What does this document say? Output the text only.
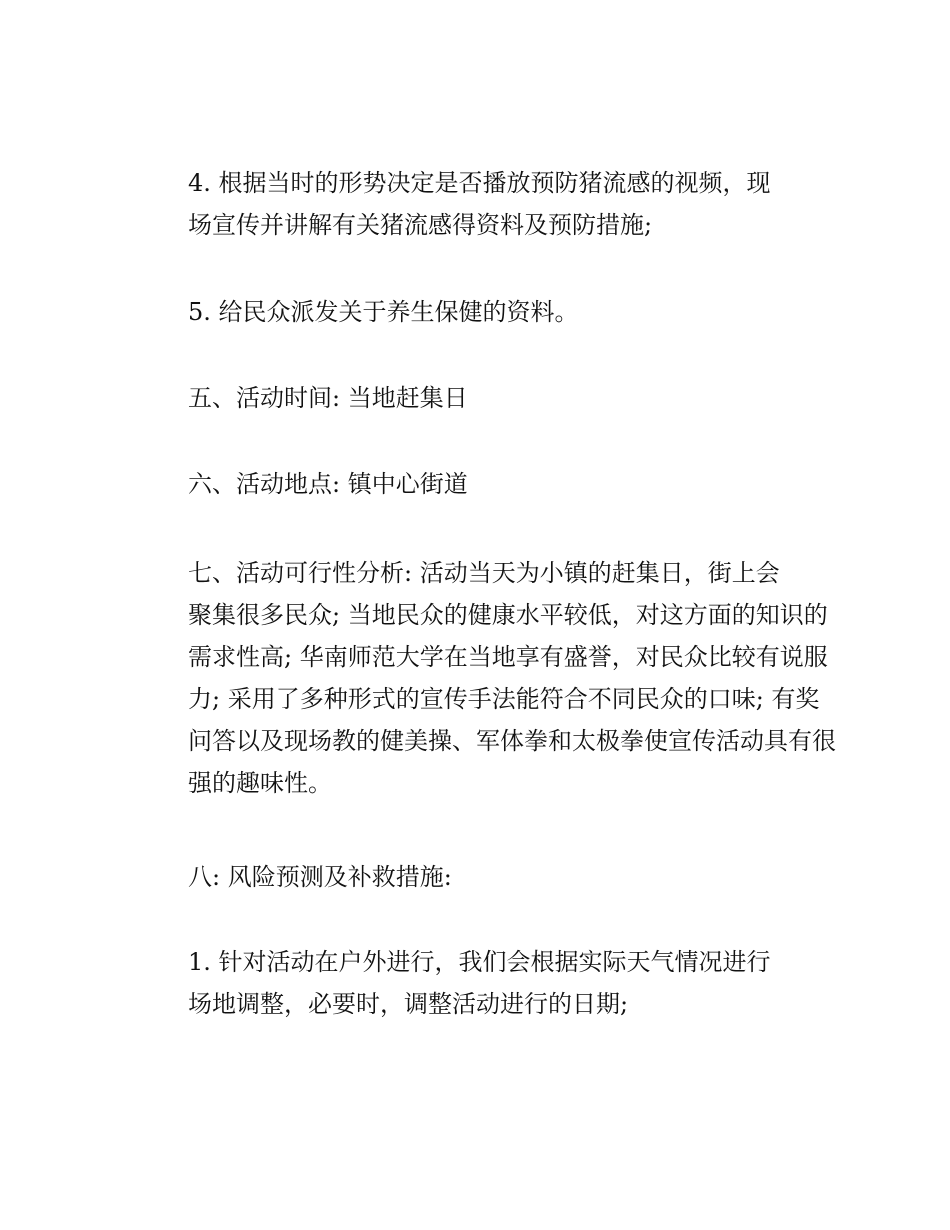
4. 根据当时的形势决定是否播放预防猪流感的视频，现
场宣传并讲解有关猪流感得资料及预防措施;

5. 给民众派发关于养生保健的资料。

五、活动时间: 当地赶集日

六、活动地点: 镇中心街道

七、活动可行性分析: 活动当天为小镇的赶集日，街上会
聚集很多民众; 当地民众的健康水平较低，对这方面的知识的
需求性高; 华南师范大学在当地享有盛誉，对民众比较有说服
力; 采用了多种形式的宣传手法能符合不同民众的口味; 有奖
问答以及现场教的健美操、军体拳和太极拳使宣传活动具有很
强的趣味性。

八: 风险预测及补救措施:

1. 针对活动在户外进行，我们会根据实际天气情况进行
场地调整，必要时，调整活动进行的日期;
